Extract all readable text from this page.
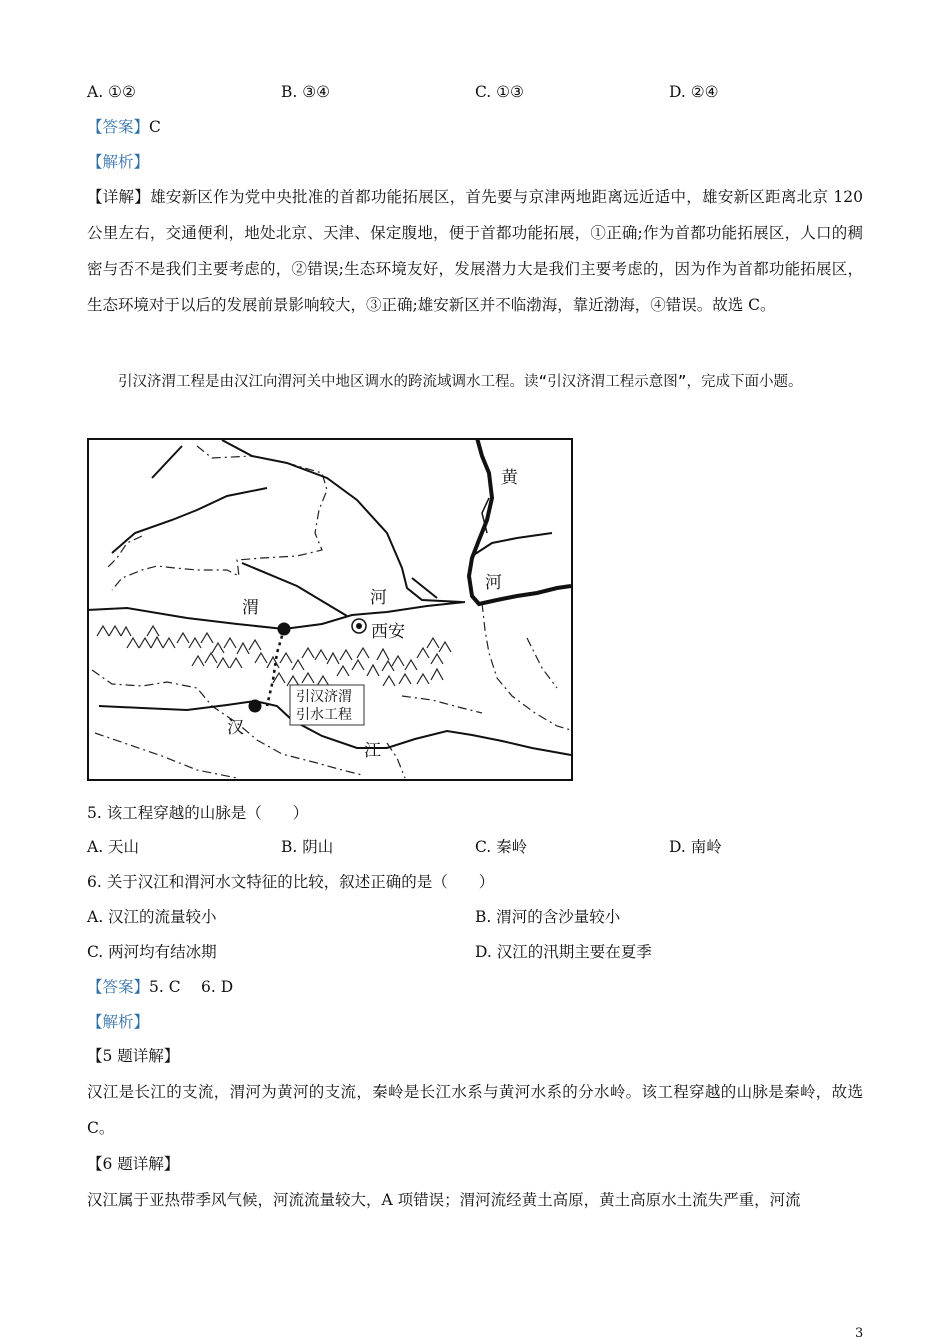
A. ①②	B. ③④	C. ①③	D. ②④
【答案】C
【解析】
【详解】雄安新区作为党中央批准的首都功能拓展区，首先要与京津两地距离远近适中，雄安新区距离北京 120 公里左右，交通便利，地处北京、天津、保定腹地，便于首都功能拓展，①正确;作为首都功能拓展区，人口的稠密与否不是我们主要考虑的，②错误;生态环境友好，发展潜力大是我们主要考虑的，因为作为首都功能拓展区，生态环境对于以后的发展前景影响较大，③正确;雄安新区并不临渤海，靠近渤海，④错误。故选 C。
引汉济渭工程是由汉江向渭河关中地区调水的跨流域调水工程。读“引汉济渭工程示意图”，完成下面小题。
渭	河
西安
黄
河
汉
江
引汉济渭
引水工程
5. 该工程穿越的山脉是（　　）
A. 天山	B. 阴山	C. 秦岭	D. 南岭
6. 关于汉江和渭河水文特征的比较，叙述正确的是（　　）
A. 汉江的流量较小	B. 渭河的含沙量较小
C. 两河均有结冰期	D. 汉江的汛期主要在夏季
【答案】5. C　 6. D
【解析】
【5 题详解】
汉江是长江的支流，渭河为黄河的支流，秦岭是长江水系与黄河水系的分水岭。该工程穿越的山脉是秦岭，故选 C。
【6 题详解】
汉江属于亚热带季风气候，河流流量较大，A 项错误；渭河流经黄土高原，黄土高原水土流失严重，河流
3
